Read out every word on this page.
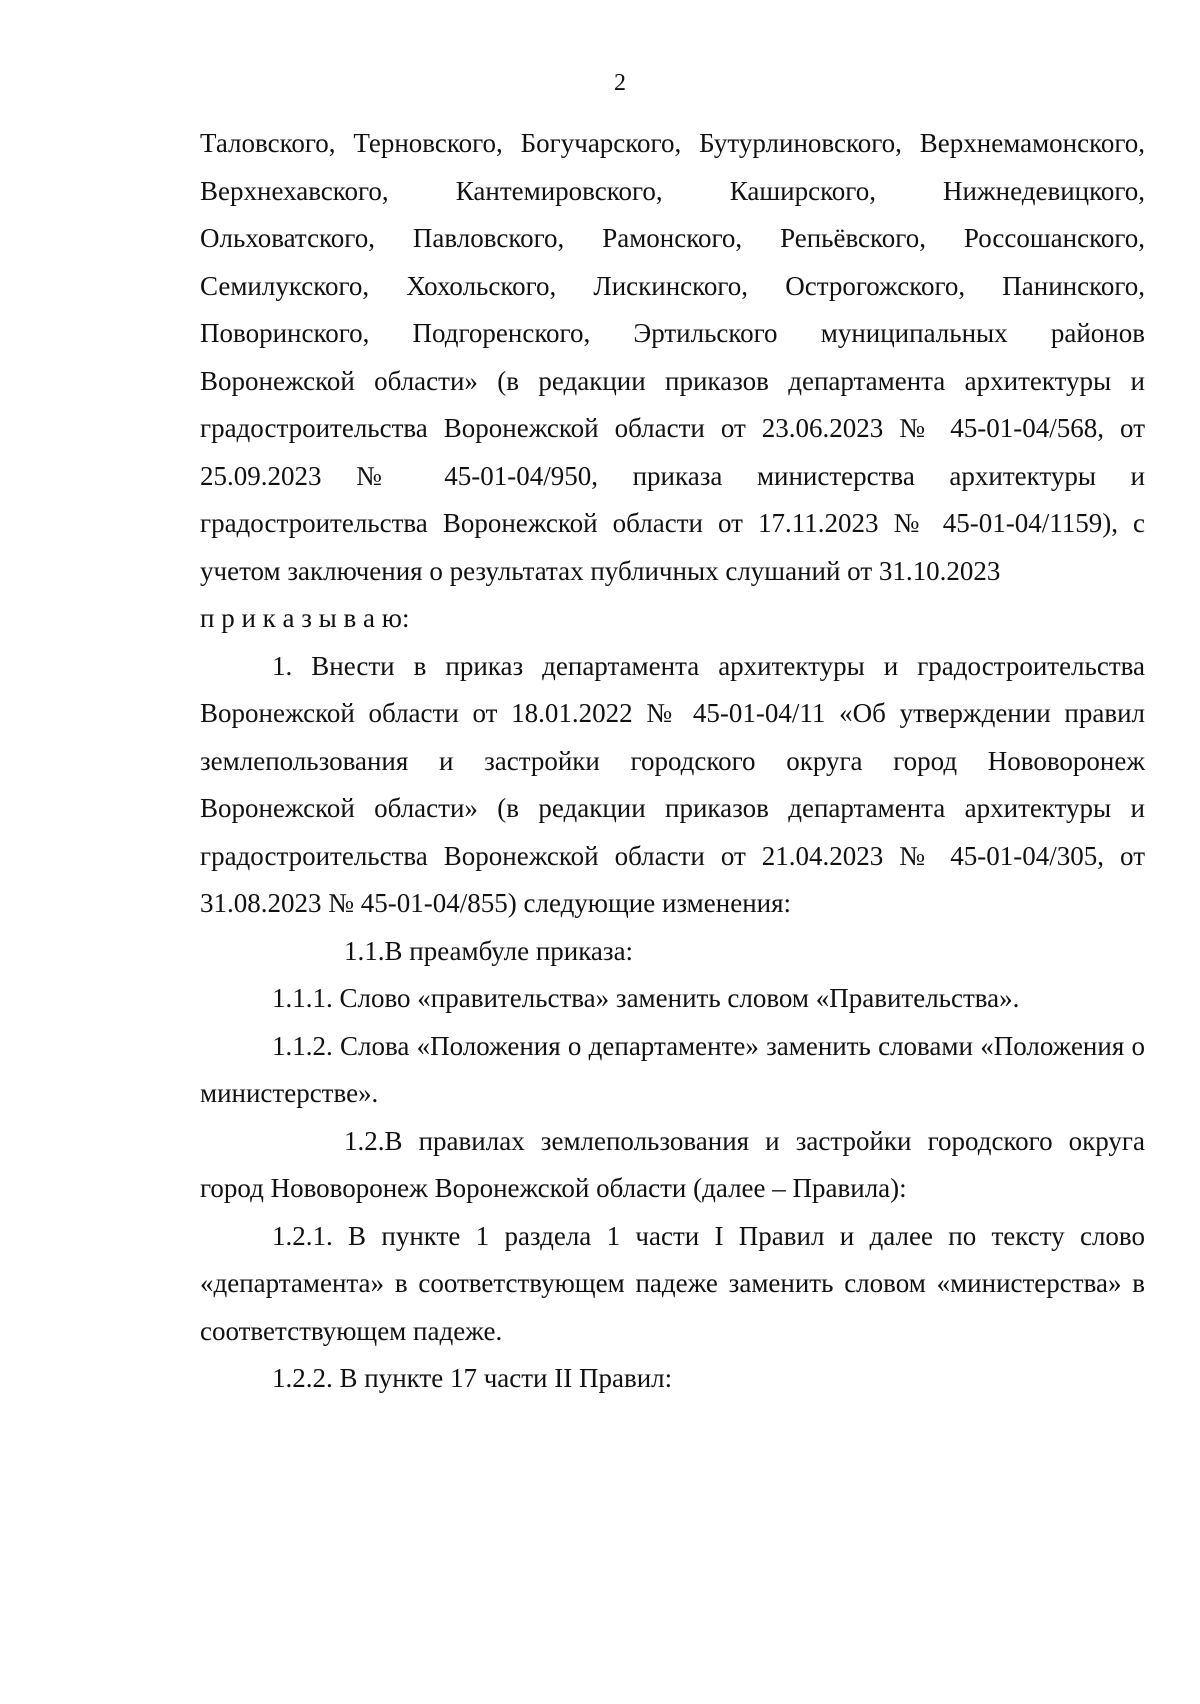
2

Таловского, Терновского, Богучарского, Бутурлиновского, Верхнемамонского, Верхнехавского, Кантемировского, Каширского, Нижнедевицкого, Ольховатского, Павловского, Рамонского, Репьёвского, Россошанского, Семилукского, Хохольского, Лискинского, Острогожского, Панинского, Поворинского, Подгоренского, Эртильского муниципальных районов Воронежской области» (в редакции приказов департамента архитектуры и градостроительства Воронежской области от 23.06.2023 № 45-01-04/568, от 25.09.2023 № 45-01-04/950, приказа министерства архитектуры и градостроительства Воронежской области от 17.11.2023 № 45-01-04/1159), с учетом заключения о результатах публичных слушаний от 31.10.2023

п р и к а з ы в а ю:

1. Внести в приказ департамента архитектуры и градостроительства Воронежской области от 18.01.2022 № 45-01-04/11 «Об утверждении правил землепользования и застройки городского округа город Нововоронеж Воронежской области» (в редакции приказов департамента архитектуры и градостроительства Воронежской области от 21.04.2023 № 45-01-04/305, от 31.08.2023 № 45-01-04/855) следующие изменения:

1.1.В преамбуле приказа:

1.1.1. Слово «правительства» заменить словом «Правительства».

1.1.2. Слова «Положения о департаменте» заменить словами «Положения о министерстве».

1.2.В правилах землепользования и застройки городского округа город Нововоронеж Воронежской области (далее – Правила):

1.2.1. В пункте 1 раздела 1 части I Правил и далее по тексту слово «департамента» в соответствующем падеже заменить словом «министерства» в соответствующем падеже.

1.2.2. В пункте 17 части II Правил:
